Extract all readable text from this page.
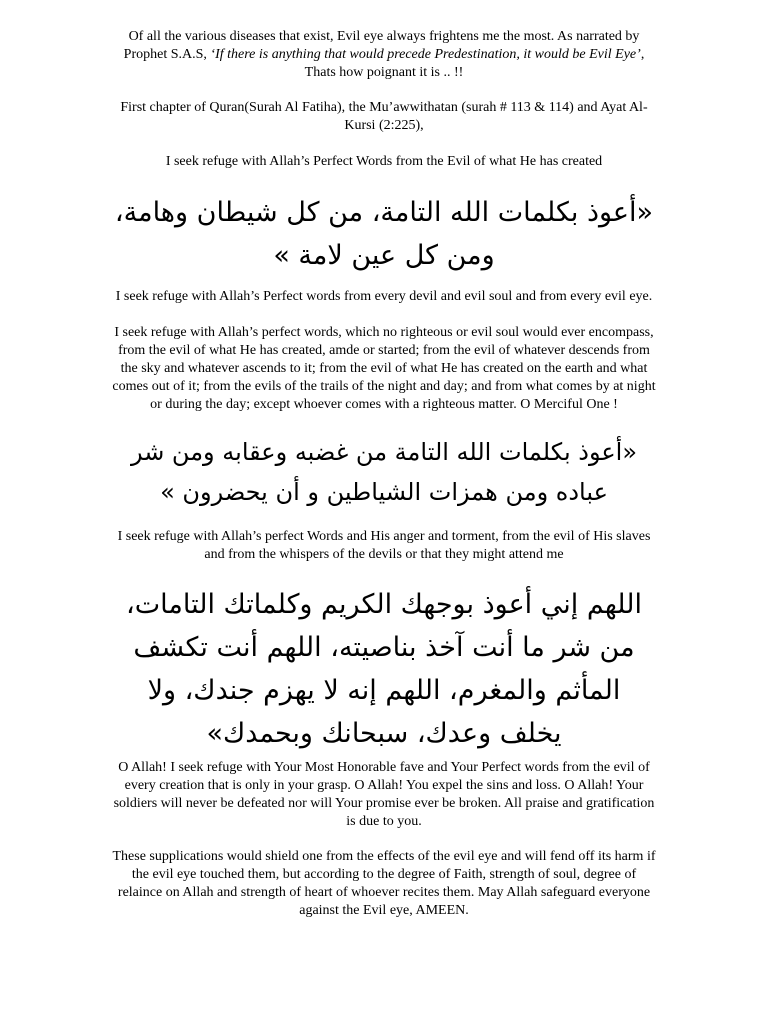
Of all the various diseases that exist, Evil eye always frightens me the most. As narrated by
Prophet S.A.S, ‘If there is anything that would precede Predestination, it would be Evil Eye’,
Thats how poignant it is .. !!

First chapter of Quran(Surah Al Fatiha), the Mu’awwithatan (surah # 113 & 114) and Ayat Al-
Kursi (2:225),

I seek refuge with Allah’s Perfect Words from the Evil of what He has created

«أعوذ بكلمات الله التامة، من كل شيطان وهامة،
ومن كل عين لامة »

I seek refuge with Allah’s Perfect words from every devil and evil soul and from every evil eye.

I seek refuge with Allah’s perfect words, which no righteous or evil soul would ever encompass,
from the evil of what He has created, amde or started; from the evil of whatever descends from
the sky and whatever ascends to it; from the evil of what He has created on the earth and what
comes out of it; from the evils of the trails of the night and day; and from what comes by at night
or during the day; except whoever comes with a righteous matter. O Merciful One !

«أعوذ بكلمات الله التامة من غضبه وعقابه ومن شر
عباده ومن همزات الشياطين و أن يحضرون »

I seek refuge with Allah’s perfect Words and His anger and torment, from the evil of His slaves
and from the whispers of the devils or that they might attend me

اللهم إني أعوذ بوجهك الكريم وكلماتك التامات،
من شر ما أنت آخذ بناصيته، اللهم أنت تكشف
المأثم والمغرم، اللهم إنه لا يهزم جندك، ولا
يخلف وعدك، سبحانك وبحمدك»

O Allah! I seek refuge with Your Most Honorable fave and Your Perfect words from the evil of
every creation that is only in your grasp. O Allah! You expel the sins and loss. O Allah! Your
soldiers will never be defeated nor will Your promise ever be broken. All praise and gratification
is due to you.

These supplications would shield one from the effects of the evil eye and will fend off its harm if
the evil eye touched them, but according to the degree of Faith, strength of soul, degree of
relaince on Allah and strength of heart of whoever recites them. May Allah safeguard everyone
against the Evil eye, AMEEN.
